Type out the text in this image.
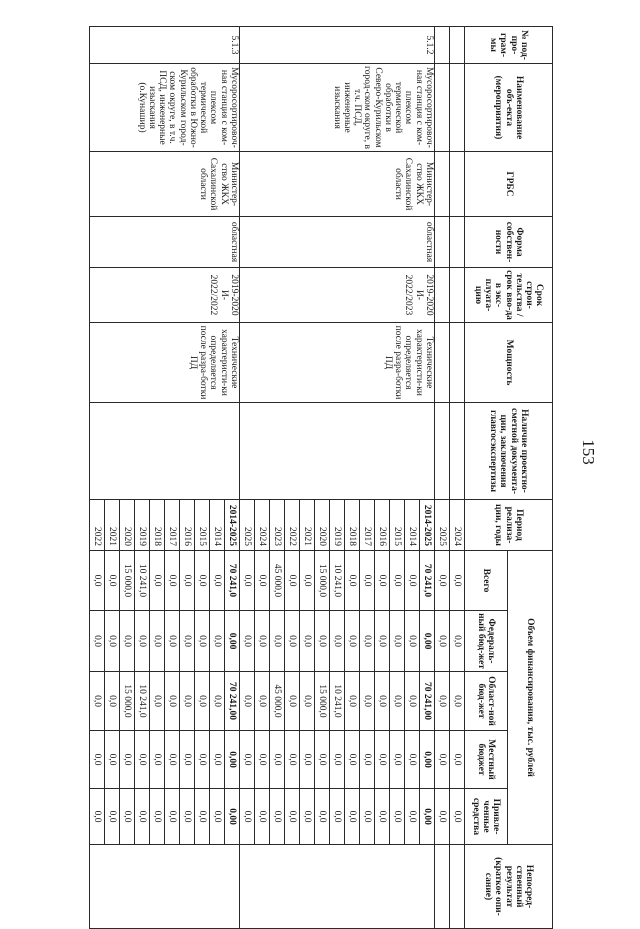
153
№ под-про-грам-мы	Наименование объ-екта (мероприятия)	ГРБС	Форма собствен-ности	Срок строи-тельства / срок вво-да в экс-плуата-цию	Мощность	Наличие проектно-сметной документа-ции, заключения главгосэкспертизы	Период реализа-ции, годы	Объем финансирования, тыс. рублей					Непосред-ственный результат (краткое опи-сание)
								Всего	Федераль-ный бюд-жет	Област-ной бюд-жет	Местный бюджет	Привле-ченные средства	
							2024	0,0	0,0	0,0	0,0	0,0	
							2025	0,0	0,0	0,0	0,0	0,0	
5.1.2	Мусоросортировоч-ная станция с ком-плексом термической обработки в Северо-Курильском город-ском округе, в т.ч. ПСД, инженерные изыскания	Министер-ство ЖКХ Сахалинской области	областная	2019-2020 И- 2022/2023	Технические характеристи-ки определяется после разра-ботки ПД		2014-2025	70 241,0	0,00	70 241,00	0,00	0,00	
							2014	0,0	0,0	0,0	0,0	0,0	
							2015	0,0	0,0	0,0	0,0	0,0	
							2016	0,0	0,0	0,0	0,0	0,0	
							2017	0,0	0,0	0,0	0,0	0,0	
							2018	0,0	0,0	0,0	0,0	0,0	
							2019	10 241,0	0,0	10 241,0	0,0	0,0	
							2020	15 000,0	0,0	15 000,0	0,0	0,0	
							2021	0,0	0,0	0,0	0,0	0,0	
							2022	0,0	0,0	0,0	0,0	0,0	
							2023	45 000,0	0,0	45 000,0	0,0	0,0	
							2024	0,0	0,0	0,0	0,0	0,0	
							2025	0,0	0,0	0,0	0,0	0,0	
5.1.3	Мусоросортировоч-ная станция с ком-плексом термической обработки в Южно-Курильском город-ском округе, в т.ч. ПСД, инженерные изыскания (о.Кунашир)	Министер-ство ЖКХ Сахалинской области	областная	2019-2020 И- 2022/2022	Технические характеристи-ки определяется после разра-ботки ПД		2014-2025	70 241,0	0,00	70 241,00	0,00	0,00	
							2014	0,0	0,0	0,0	0,0	0,0	
							2015	0,0	0,0	0,0	0,0	0,0	
							2016	0,0	0,0	0,0	0,0	0,0	
							2017	0,0	0,0	0,0	0,0	0,0	
							2018	0,0	0,0	0,0	0,0	0,0	
							2019	10 241,0	0,0	10 241,0	0,0	0,0	
							2020	15 000,0	0,0	15 000,0	0,0	0,0	
							2021	0,0	0,0	0,0	0,0	0,0	
							2022	0,0	0,0	0,0	0,0	0,0	
